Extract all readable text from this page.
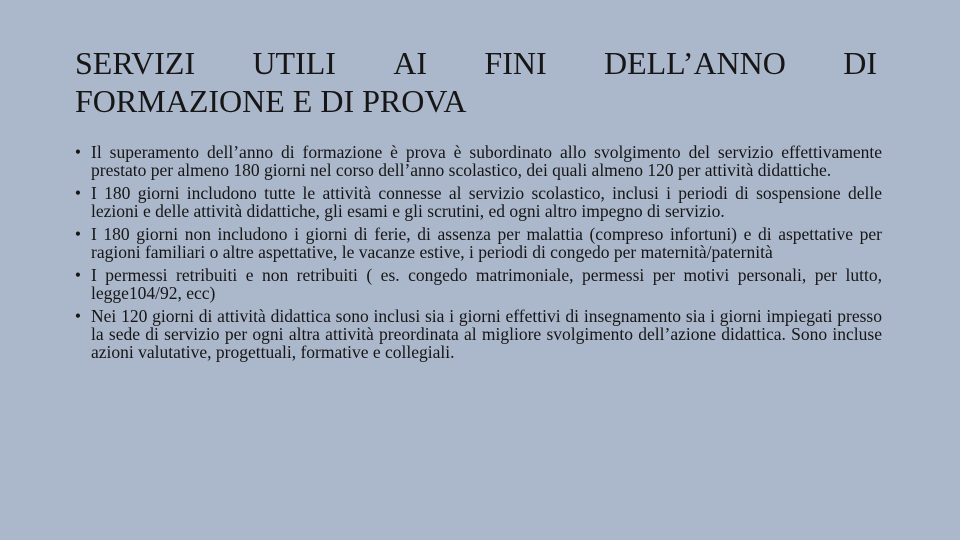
SERVIZI UTILI AI FINI DELL’ANNO DI
FORMAZIONE E DI PROVA
• Il superamento dell’anno di formazione è prova è subordinato allo svolgimento del servizio effettivamente prestato per almeno 180 giorni nel corso dell’anno scolastico, dei quali almeno 120 per attività didattiche.
• I 180 giorni includono tutte le attività connesse al servizio scolastico, inclusi i periodi di sospensione delle lezioni e delle attività didattiche, gli esami e gli scrutini, ed ogni altro impegno di servizio.
• I 180 giorni non includono i giorni di ferie, di assenza per malattia (compreso infortuni) e di aspettative per ragioni familiari o altre aspettative, le vacanze estive, i periodi di congedo per maternità/paternità
• I permessi retribuiti e non retribuiti ( es. congedo matrimoniale, permessi per motivi personali, per lutto, legge104/92, ecc)
• Nei 120 giorni di attività didattica sono inclusi sia i giorni effettivi di insegnamento sia i giorni impiegati presso la sede di servizio per ogni altra attività preordinata al migliore svolgimento dell’azione didattica. Sono incluse azioni valutative, progettuali, formative e collegiali.
